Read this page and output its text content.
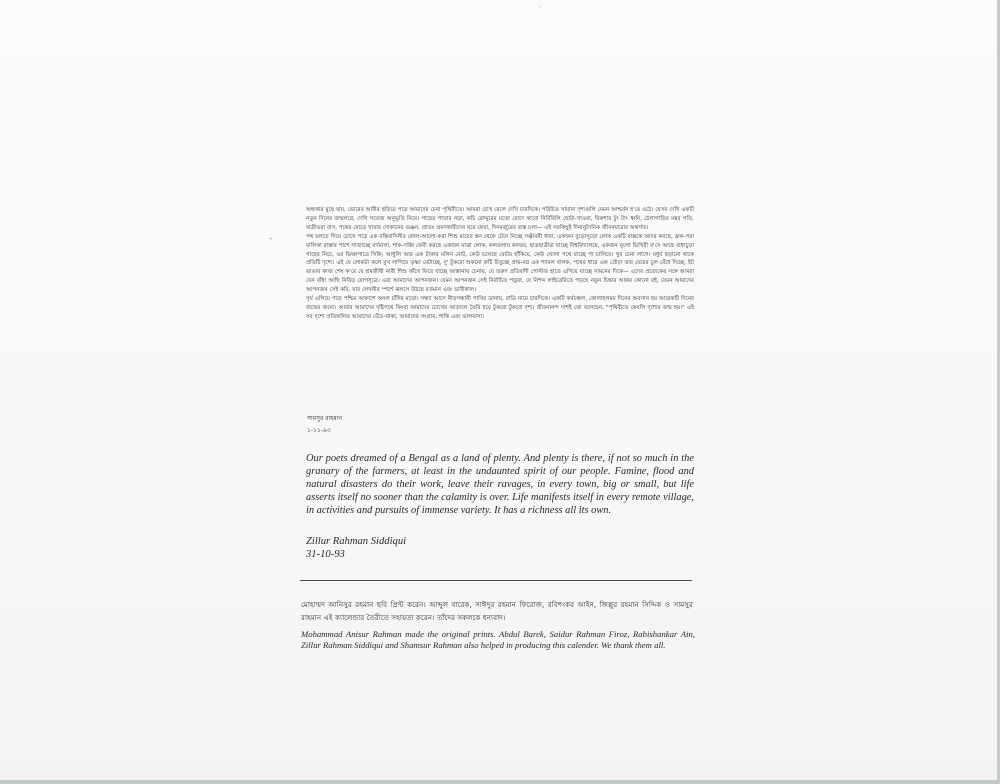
ˇ
ˋ

অন্ধকার মুছে যায়, ভোরের আবীর ছড়িয়ে পড়ে আমাদের চেনা পৃথিবীতে। আমরা চোখ মেলে দেখি চারদিকে। পরিচিত সামান্য দৃশ্যগুলি যেমন আশ্চর্যন হ'য়ে ওঠে। যেসব দেখি একটি নতুন দিনের জন্মলগ্নে, দেখি সতেজ অনুভূতি নিয়ে। গাছের পাতার নড়া, কচি রোদ্দুরের মতো রোদে কারো নির্বিবিলি ছোটা-খাওয়া, রিকশার টুং টাং ধ্বনি, ঠেলাগাড়ির মন্থর গতি, যাত্রীভরা বাস, পথের মোড়ে খাবার দোকানের গুঞ্জন, প্রাতঃ ভ্রমণকারীদের ঘরে ফেরা, দিনমজুরের ব্যস্ত চলা— এই সবকিছুই দিনানুদৈনিক জীবনযাত্রার অন্তর্গত।

পথ চলতে গিয়ে চোখে পড়ে এক বস্তিবাসিনীর কোল-আলো-করা শিশু মায়ের স্তন থেকে টেনে নিচ্ছে সঞ্জীবনী ধারা, একজন বুড়োসুড়ো লোক একটি বাক্সকে আদর করছে, ফ্রক-পরা বালিকা রাস্তার পাশে সাজাচ্ছে বর্ণমালা, শাক-সব্জি ফেরী করছে একজন মাঝা লোক, কলতলায় কলরব, ছাত্রছাত্রীরা যাচ্ছে বিশ্ববিদ্যালয়ে, একজন নুলো ভিখিরী ব'সে আছে বাধাচুড়া গাছের নিচে, ওর ভিক্ষাপাত্রে সিকি, আধুলি আর এক টাকার মলিন নোট, কেউ চলেছে মোটর হাঁকিয়ে, কেউ খোলা পথে যাচ্ছে পা চালিয়ে। খুব চেনা লাগে। মধুর্য ছড়ানো থাকে প্রতিটি দৃশ্যে। এই যে লোকটা কলে মুখ লাগিয়ে তৃষ্ণা মেটাচ্ছে, দু' টুকরো শুকনো রুটি চিবুচ্ছে প্রায়-নগ্ন এক শ্যামল বালক, পথের ধারে এক প্রৌঢ়া তার মেয়ের চুল বেঁধে দিচ্ছে, ইট ভাঙার কাজ শেষ ক'রে যে শ্রমজীবী নারী শিশু কাঁখে ফিরে যাচ্ছে আস্তানায় চেনায়, যে তরুণ প্রতিবাদী পোস্টার হাতে এগিয়ে যাচ্ছে সামনের দিকে— এদের প্রত্যেকের সঙ্গে আমরা যেন বাঁধা আছি নিবিড় যোগসূত্রে। এরা আমাদের আপনজন। যেমন আপনজন সেই নির্বাচিত পড়ুয়া, যে নিশব্দ লাইব্রেরিতে পড়ছে নতুন চিন্তার আকর কোনো বই, যেমন আমাদের আপনজন সেই কবি, যার লেখনীর স্পর্শে ঝলসে উঠছে বর্তমান এবং ভাবীকাল।

সূর্য এলিয়ে পড়ে পশ্চিম আকাশে অনল চাঁদির মতো। সন্ধ্যা আসে নীড়সন্ধানী পাখির ডানায়, রাত্রি নামে চারদিকে। একটি কর্মচঞ্চল, কোলাহলময় দিনের অবসান হয় আরেকটি দিনের জন্মের জন্যে। আবার আমাদের দৃষ্টিপথে কিংবা আমাদের চোখের আড়ালে তৈরি হবে টুকরো টুকরো দৃশ্য। জীবনানন্দ দাশই তো বলেছেন, "পৃথিবীতে কেবলি দৃশ্যের জন্ম হয়।" এই সব দৃশ্যে প্রতিফলিত আমাদের বেঁচে-থাকা, আমাদের সংগ্রাম, শান্তি এবং ভালবাসা।

সামসুর রাহমান
১-১১-৯৩
Our poets dreamed of a Bengal as a land of plenty. And plenty is there, if not so much in the granary of the farmers, at least in the undaunted spirit of our people. Famine, flood and natural disasters do their work, leave their ravages, in every town, big or small, but life asserts itself no sooner than the calamity is over. Life manifests itself in every remote village, in activities and pursuits of immense variety. It has a richness all its own.
Zillur Rahman Siddiqui
31-10-93
মোহাম্মদ আনিসুর রহমান ছবি প্রিন্ট করেন। আব্দুল বারেক, সাঈদুর রহমান ফিরোজ, রবিশংকর আইন, জিল্লুর রহমান সিদ্দিক ও সামসুর রাহমান এই ক্যালেন্ডার তৈরীতে সহায়তা করেন। তাঁদের সকলকে ধন্যবাদ।
Mohammad Anisur Rahman made the original prints. Abdul Barek, Saidur Rahman Firoz, Rabishankar Ain, Zillur Rahman Siddiqui and Shamsur Rahman also helped in producing this calender. We thank them all.
